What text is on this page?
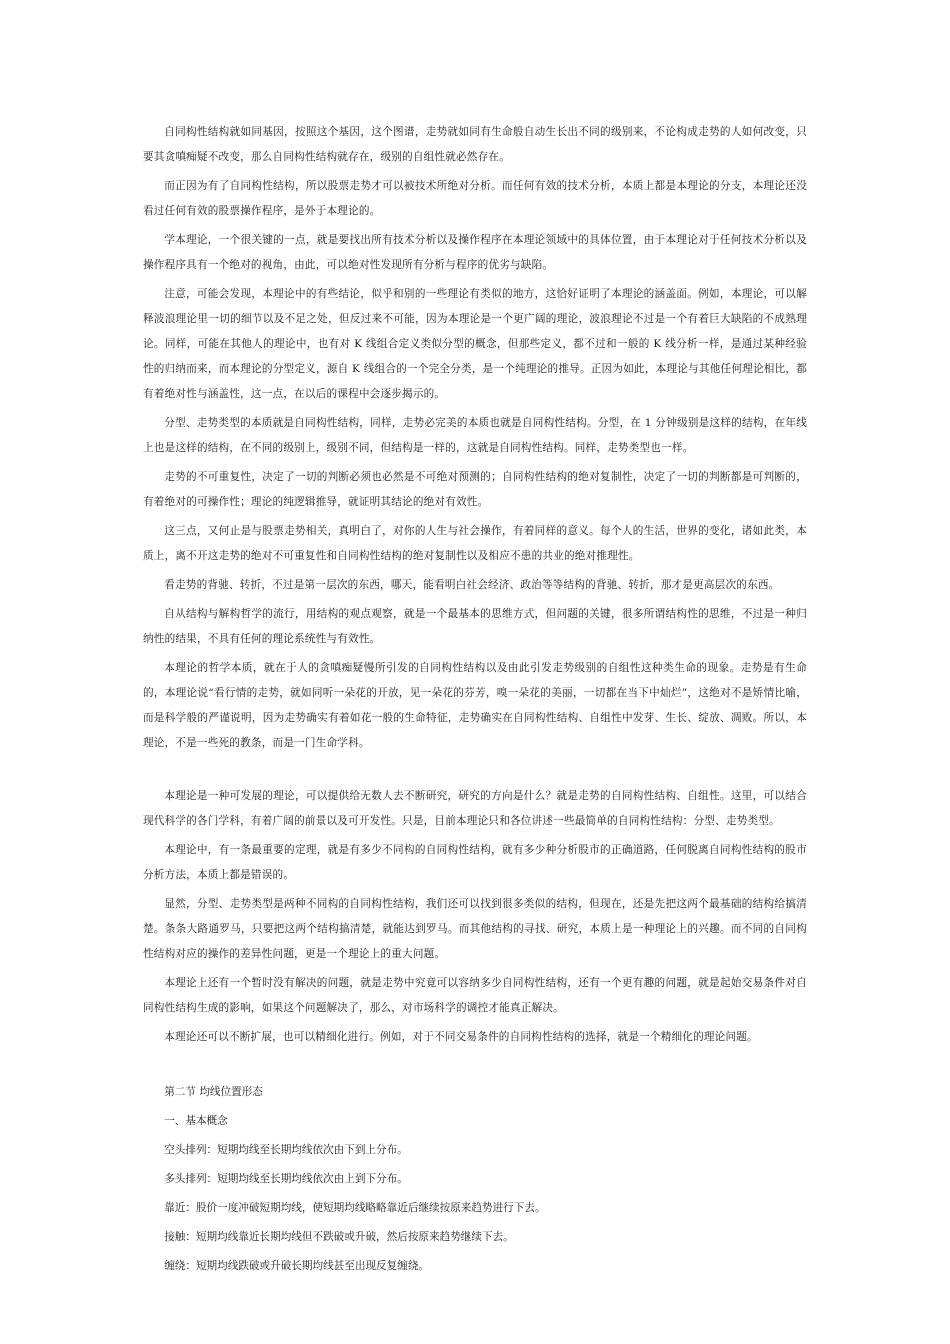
自同构性结构就如同基因，按照这个基因，这个图谱，走势就如同有生命般自动生长出不同的级别来，不论构成走势的人如何改变，只要其贪嗔痴疑不改变，那么自同构性结构就存在，级别的自组性就必然存在。

而正因为有了自同构性结构，所以股票走势才可以被技术所绝对分析。而任何有效的技术分析，本质上都是本理论的分支，本理论还没看过任何有效的股票操作程序，是外于本理论的。

学本理论，一个很关键的一点，就是要找出所有技术分析以及操作程序在本理论领域中的具体位置，由于本理论对于任何技术分析以及操作程序具有一个绝对的视角，由此，可以绝对性发现所有分析与程序的优劣与缺陷。

注意，可能会发现，本理论中的有些结论，似乎和别的一些理论有类似的地方，这恰好证明了本理论的涵盖面。例如，本理论，可以解释波浪理论里一切的细节以及不足之处，但反过来不可能，因为本理论是一个更广阔的理论，波浪理论不过是一个有着巨大缺陷的不成熟理论。同样，可能在其他人的理论中，也有对 K 线组合定义类似分型的概念，但那些定义，都不过和一般的 K 线分析一样，是通过某种经验性的归纳而来，而本理论的分型定义，源自 K 线组合的一个完全分类，是一个纯理论的推导。正因为如此，本理论与其他任何理论相比，都有着绝对性与涵盖性，这一点，在以后的课程中会逐步揭示的。

分型、走势类型的本质就是自同构性结构，同样，走势必完美的本质也就是自同构性结构。分型，在 1 分钟级别是这样的结构，在年线上也是这样的结构，在不同的级别上，级别不同，但结构是一样的，这就是自同构性结构。同样，走势类型也一样。

走势的不可重复性，决定了一切的判断必须也必然是不可绝对预测的；自同构性结构的绝对复制性，决定了一切的判断都是可判断的，有着绝对的可操作性；理论的纯逻辑推导，就证明其结论的绝对有效性。

这三点，又何止是与股票走势相关，真明白了，对你的人生与社会操作，有着同样的意义。每个人的生活，世界的变化，诸如此类，本质上，离不开这走势的绝对不可重复性和自同构性结构的绝对复制性以及相应不患的共业的绝对推理性。

看走势的背驰、转折，不过是第一层次的东西，哪天，能看明白社会经济、政治等等结构的背驰、转折，那才是更高层次的东西。

自从结构与解构哲学的流行，用结构的观点观察，就是一个最基本的思维方式，但问题的关键，很多所谓结构性的思维，不过是一种归纳性的结果，不具有任何的理论系统性与有效性。

本理论的哲学本质，就在于人的贪嗔痴疑慢所引发的自同构性结构以及由此引发走势级别的自组性这种类生命的现象。走势是有生命的，本理论说“看行情的走势，就如同听一朵花的开放，见一朵花的芬芳，嗅一朵花的美丽，一切都在当下中灿烂”，这绝对不是矫情比喻，而是科学般的严谨说明，因为走势确实有着如花一般的生命特征，走势确实在自同构性结构、自组性中发芽、生长、绽放、凋败。所以，本理论，不是一些死的教条，而是一门生命学科。

本理论是一种可发展的理论，可以提供给无数人去不断研究，研究的方向是什么？就是走势的自同构性结构、自组性。这里，可以结合现代科学的各门学科，有着广阔的前景以及可开发性。只是，目前本理论只和各位讲述一些最简单的自同构性结构：分型、走势类型。

本理论中，有一条最重要的定理，就是有多少不同构的自同构性结构，就有多少种分析股市的正确道路，任何脱离自同构性结构的股市分析方法，本质上都是错误的。

显然，分型、走势类型是两种不同构的自同构性结构，我们还可以找到很多类似的结构，但现在，还是先把这两个最基础的结构给搞清楚。条条大路通罗马，只要把这两个结构搞清楚，就能达到罗马。而其他结构的寻找、研究，本质上是一种理论上的兴趣。而不同的自同构性结构对应的操作的差异性问题，更是一个理论上的重大问题。

本理论上还有一个暂时没有解决的问题，就是走势中究竟可以容纳多少自同构性结构，还有一个更有趣的问题，就是起始交易条件对自同构性结构生成的影响，如果这个问题解决了，那么，对市场科学的调控才能真正解决。

本理论还可以不断扩展，也可以精细化进行。例如，对于不同交易条件的自同构性结构的选择，就是一个精细化的理论问题。

第二节 均线位置形态

一、基本概念

空头排列：短期均线至长期均线依次由下到上分布。

多头排列：短期均线至长期均线依次由上到下分布。

靠近：股价一度冲破短期均线，使短期均线略略靠近后继续按原来趋势进行下去。

接触：短期均线靠近长期均线但不跌破或升破，然后按原来趋势继续下去。

缠绕：短期均线跌破或升破长期均线甚至出现反复缠绕。
